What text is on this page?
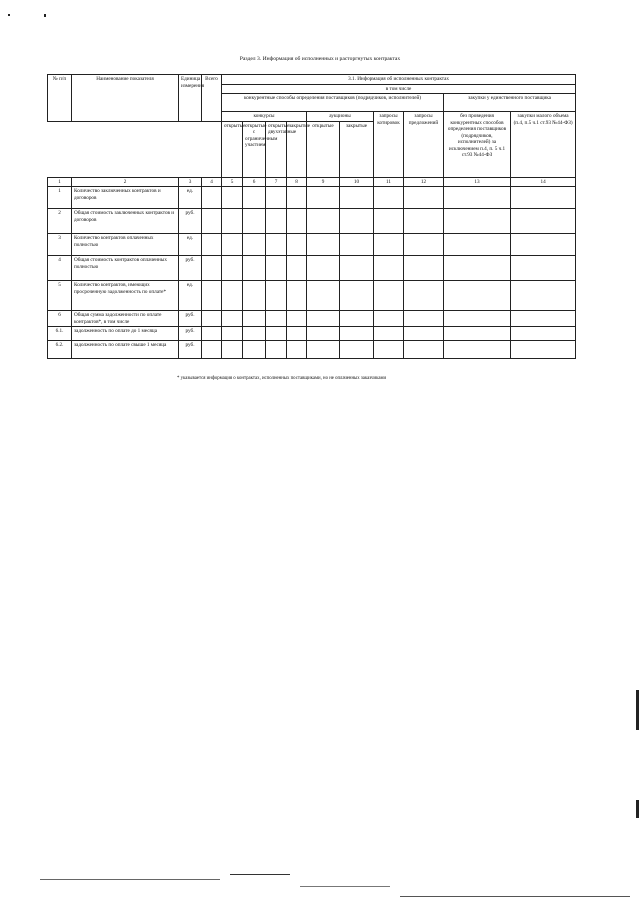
Раздел 3. Информация об исполненных и расторгнутых контрактах
№ п/п	Наименование показателя	Единица измерения	Всего	3.1. Информация об исполненных контрактах									
				в том числе									
				конкурентные способы определения поставщиков (подрядчиков, исполнителей)								закупки у единственного поставщика	
				конкурсы				аукционы		запросы котировок	запросы предложений	без проведения конкурентных способов определения поставщиков (подрядчиков, исполнителей) за исключением п.4, п. 5 ч.1 ст.93 №44-ФЗ	закупки малого объема (п.4, п.5 ч.1 ст.93 №44-ФЗ)
				открытые	открытые с ограниченным участием	открытые двухэтапные	закрытые	открытые	закрытые				
1	2	3	4	5	6	7	8	9	10	11	12	13	14
1	Количество заключенных контрактов и договоров	ед.											
2	Общая стоимость заключенных контрактов и договоров	руб.											
3	Количество контрактов оплаченных полностью	ед.											
4	Общая стоимость контрактов оплаченных полностью	руб.											
5	Количество контрактов, имеющих просроченную задолженность по оплате*	ед.											
6	Общая сумма задолженности по оплате контрактов*, в том числе	руб.											
6.1.	задолженность по оплате до 1 месяца	руб.											
6.2.	задолженность по оплате свыше 1 месяца	руб.											
* указывается информация о контрактах, исполненных поставщиками, но не оплаченных заказчиками
